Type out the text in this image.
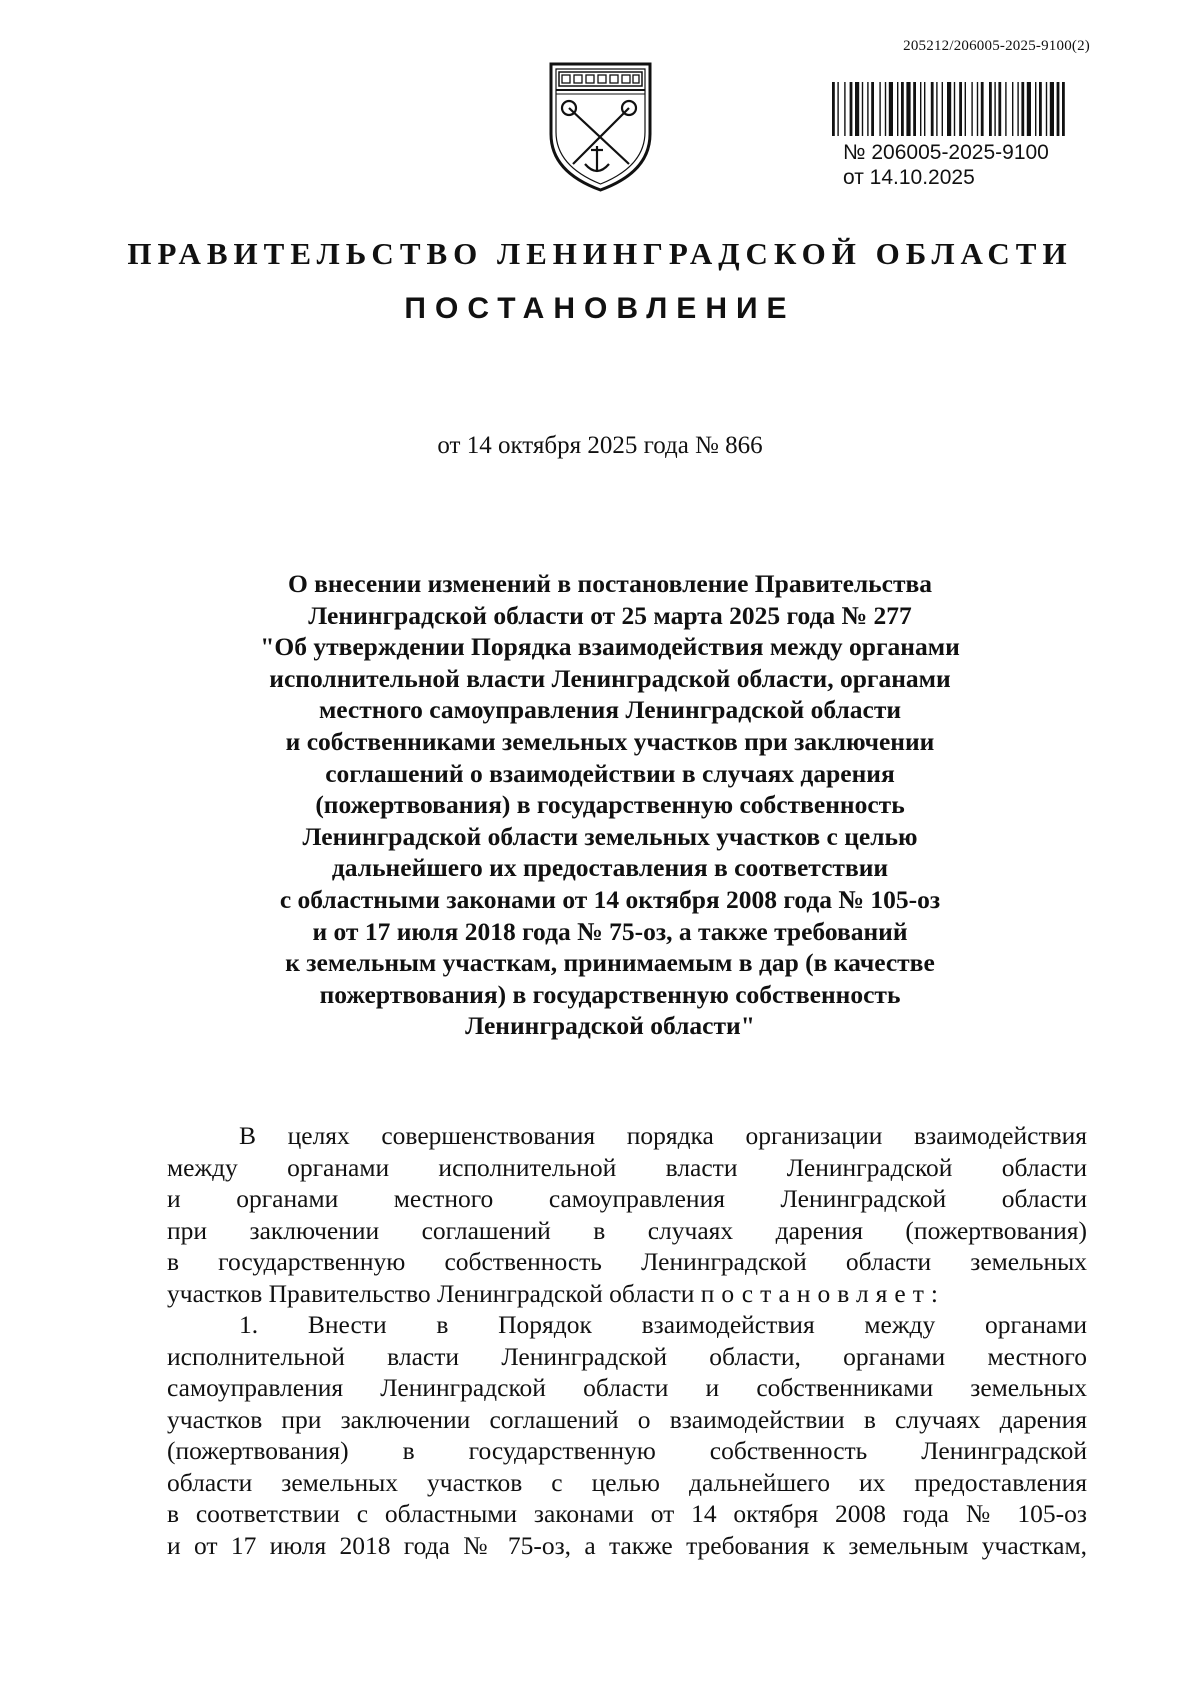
205212/206005-2025-9100(2)
№ 206005-2025-9100
от 14.10.2025
ПРАВИТЕЛЬСТВО ЛЕНИНГРАДСКОЙ ОБЛАСТИ
ПОСТАНОВЛЕНИЕ
от 14 октября 2025 года № 866
О внесении изменений в постановление Правительства
Ленинградской области от 25 марта 2025 года № 277
"Об утверждении Порядка взаимодействия между органами
исполнительной власти Ленинградской области, органами
местного самоуправления Ленинградской области
и собственниками земельных участков при заключении
соглашений о взаимодействии в случаях дарения
(пожертвования) в государственную собственность
Ленинградской области земельных участков с целью
дальнейшего их предоставления в соответствии
с областными законами от 14 октября 2008 года № 105-оз
и от 17 июля 2018 года № 75-оз, а также требований
к земельным участкам, принимаемым в дар (в качестве
пожертвования) в государственную собственность
Ленинградской области"
В целях совершенствования порядка организации взаимодействия
между органами исполнительной власти Ленинградской области
и органами местного самоуправления Ленинградской области
при заключении соглашений в случаях дарения (пожертвования)
в государственную собственность Ленинградской области земельных
участков Правительство Ленинградской области постановляет:
1. Внести в Порядок взаимодействия между органами
исполнительной власти Ленинградской области, органами местного
самоуправления Ленинградской области и собственниками земельных
участков при заключении соглашений о взаимодействии в случаях дарения
(пожертвования) в государственную собственность Ленинградской
области земельных участков с целью дальнейшего их предоставления
в соответствии с областными законами от 14 октября 2008 года № 105-оз
и от 17 июля 2018 года № 75-оз, а также требования к земельным участкам,
